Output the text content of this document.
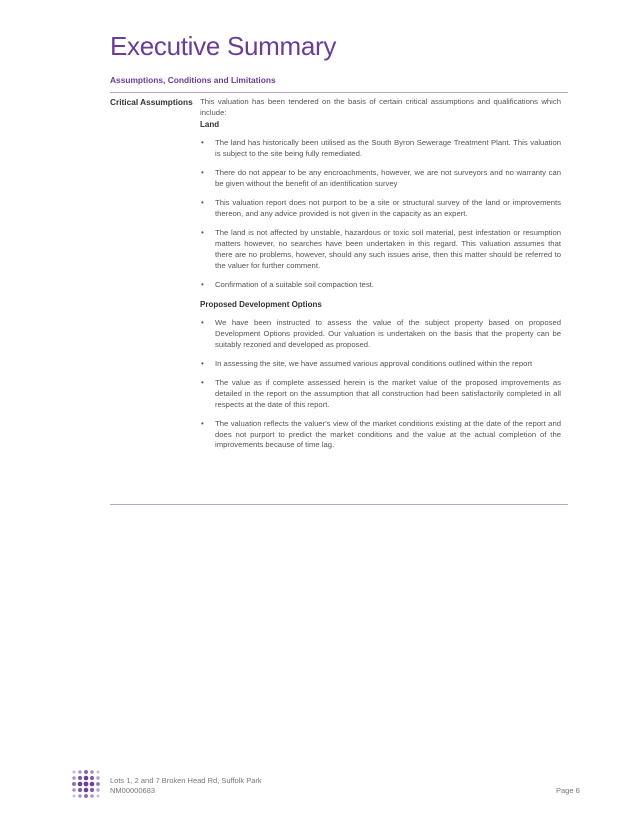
Executive Summary
Assumptions, Conditions and Limitations
Critical Assumptions This valuation has been tendered on the basis of certain critical assumptions and qualifications which include:

Land
• The land has historically been utilised as the South Byron Sewerage Treatment Plant. This valuation is subject to the site being fully remediated.
• There do not appear to be any encroachments, however, we are not surveyors and no warranty can be given without the benefit of an identification survey
• This valuation report does not purport to be a site or structural survey of the land or improvements thereon, and any advice provided is not given in the capacity as an expert.
• The land is not affected by unstable, hazardous or toxic soil material, pest infestation or resumption matters however, no searches have been undertaken in this regard. This valuation assumes that there are no problems, however, should any such issues arise, then this matter should be referred to the valuer for further comment.
• Confirmation of a suitable soil compaction test.
Proposed Development Options
• We have been instructed to assess the value of the subject property based on proposed Development Options provided. Our valuation is undertaken on the basis that the property can be suitably rezoned and developed as proposed.
• In assessing the site, we have assumed various approval conditions outlined within the report
• The value as if complete assessed herein is the market value of the proposed improvements as detailed in the report on the assumption that all construction had been satisfactorily completed in all respects at the date of this report.
• The valuation reflects the valuer's view of the market conditions existing at the date of the report and does not purport to predict the market conditions and the value at the actual completion of the improvements because of time lag.
Lots 1, 2 and 7 Broken Head Rd, Suffolk Park
NM00000683	Page 6
